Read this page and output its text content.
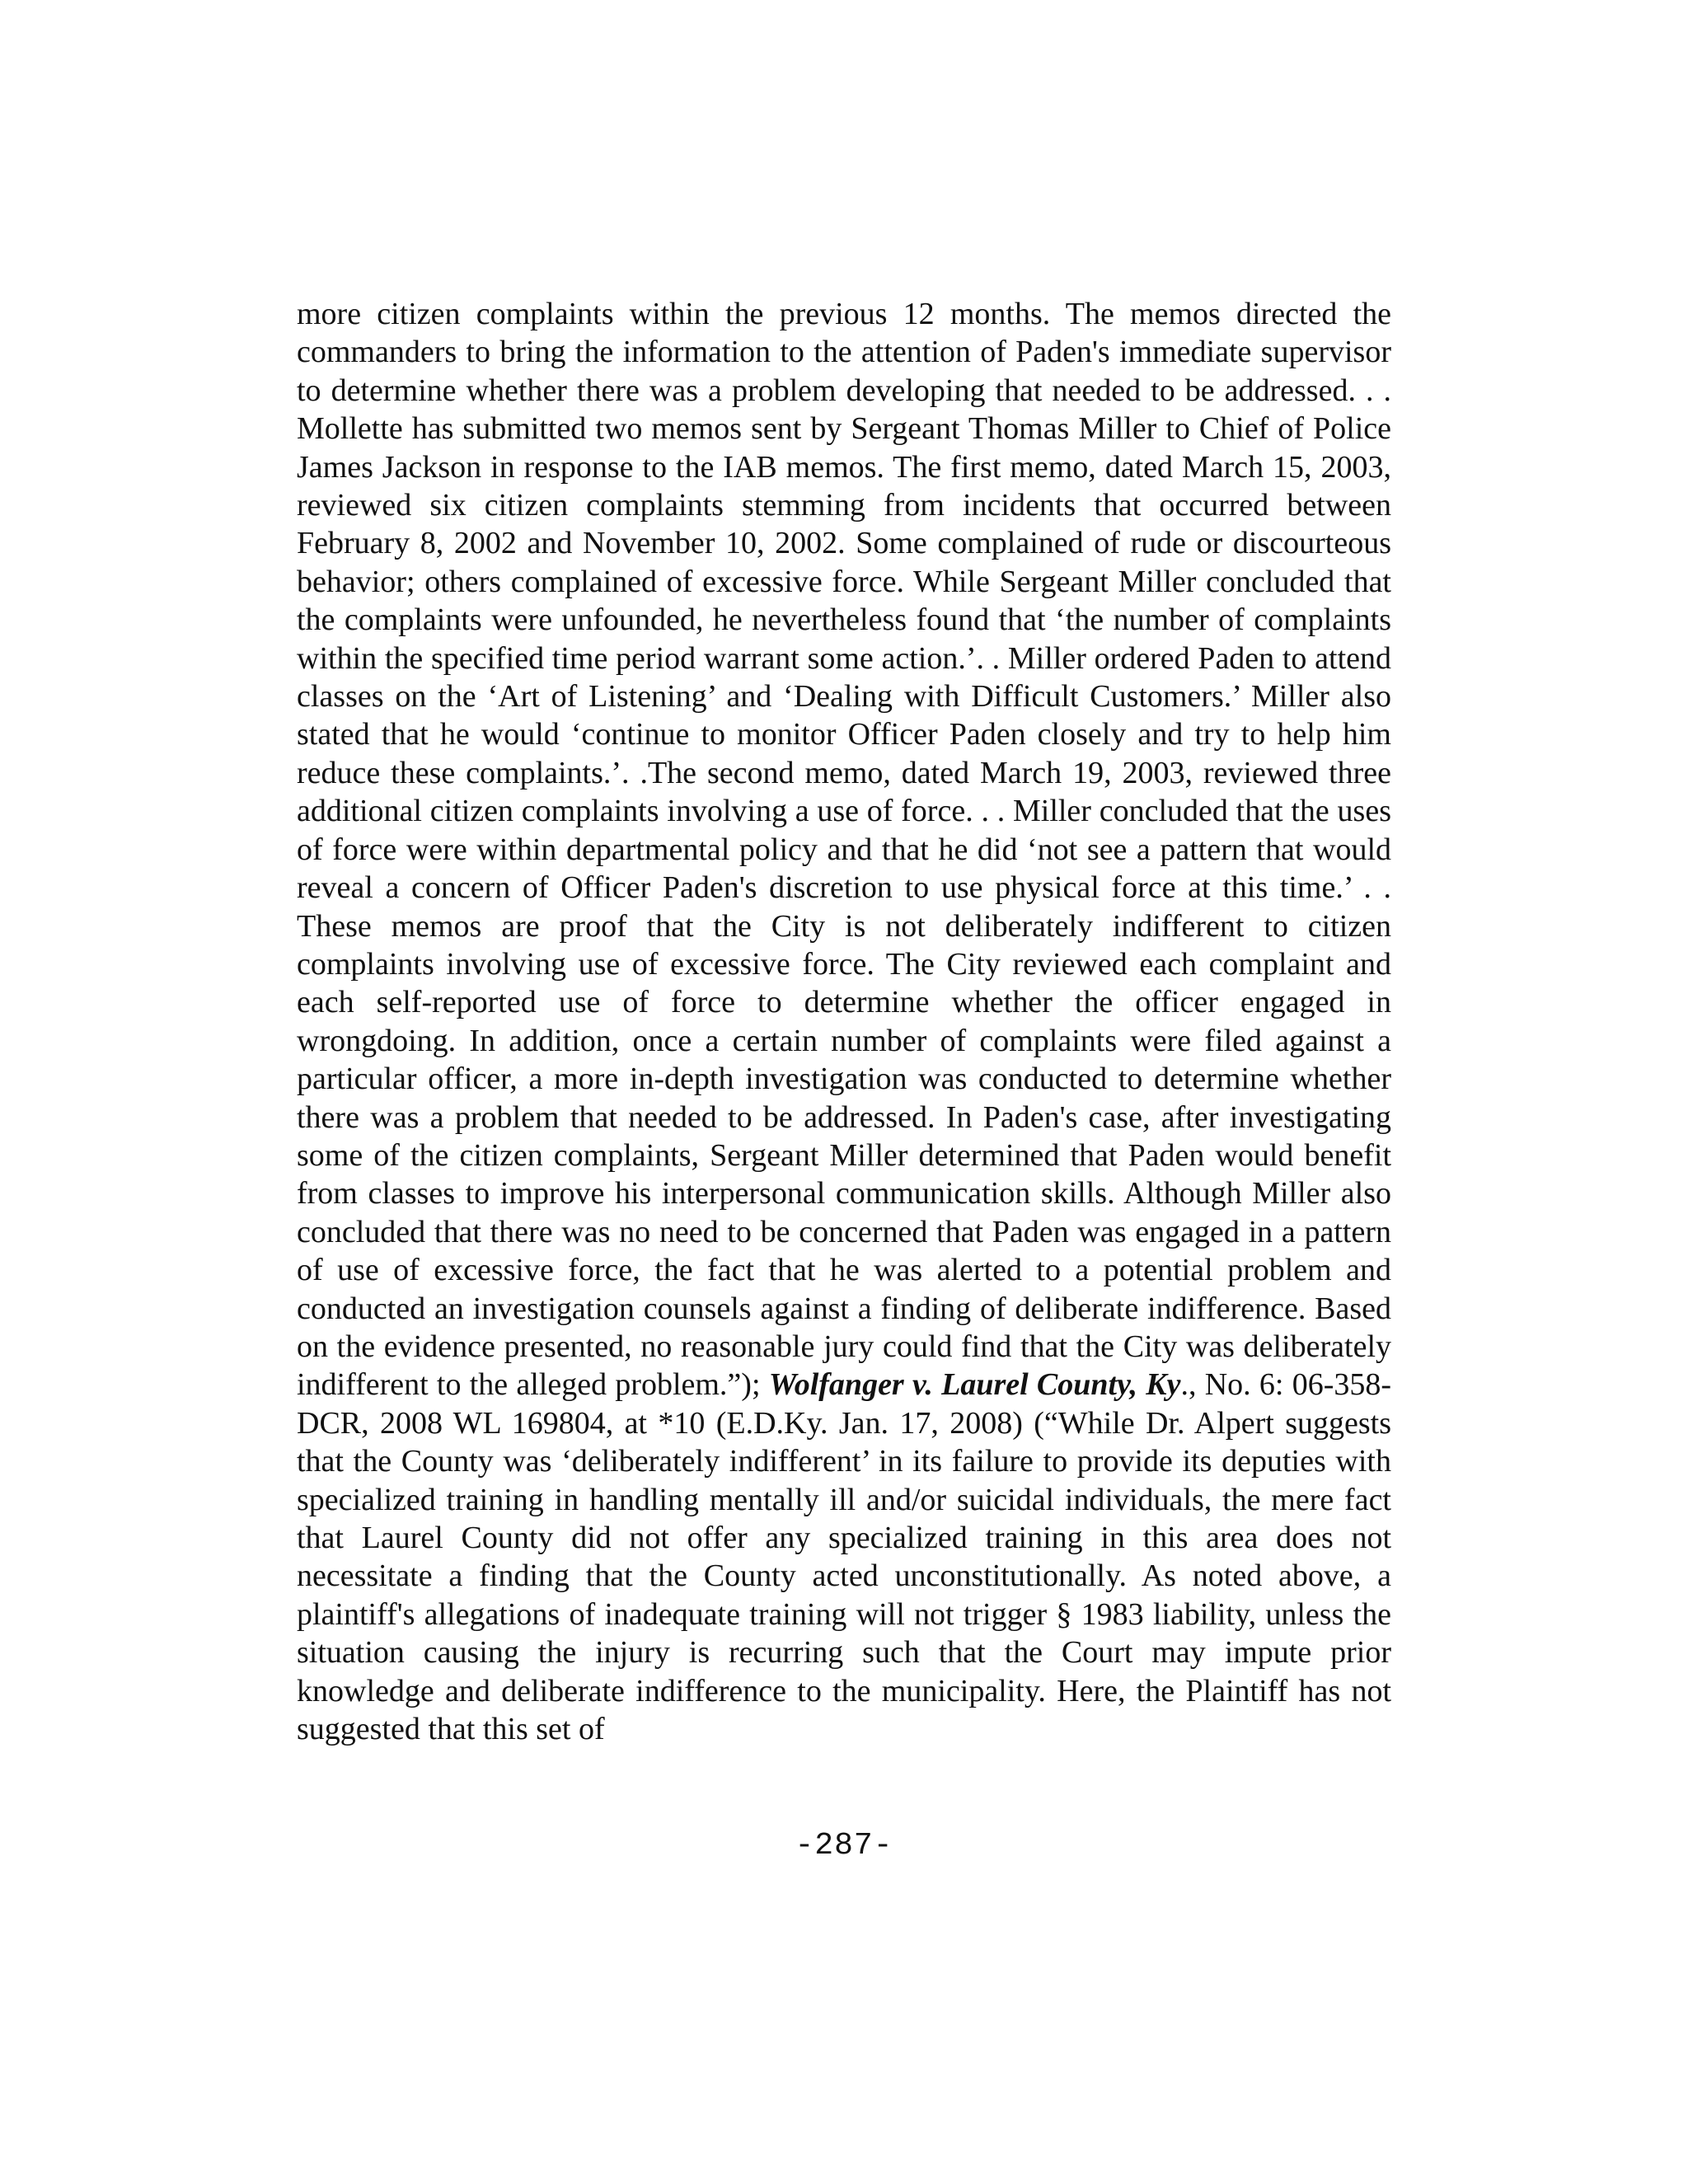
more citizen complaints within the previous 12 months. The memos directed the commanders to bring the information to the attention of Paden's immediate supervisor to determine whether there was a problem developing that needed to be addressed. . . Mollette has submitted two memos sent by Sergeant Thomas Miller to Chief of Police James Jackson in response to the IAB memos. The first memo, dated March 15, 2003, reviewed six citizen complaints stemming from incidents that occurred between February 8, 2002 and November 10, 2002. Some complained of rude or discourteous behavior; others complained of excessive force. While Sergeant Miller concluded that the complaints were unfounded, he nevertheless found that ‘the number of complaints within the specified time period warrant some action.’. . Miller ordered Paden to attend classes on the ‘Art of Listening’ and ‘Dealing with Difficult Customers.’ Miller also stated that he would ‘continue to monitor Officer Paden closely and try to help him reduce these complaints.’. .The second memo, dated March 19, 2003, reviewed three additional citizen complaints involving a use of force. . . Miller concluded that the uses of force were within departmental policy and that he did ‘not see a pattern that would reveal a concern of Officer Paden's discretion to use physical force at this time.’ . . These memos are proof that the City is not deliberately indifferent to citizen complaints involving use of excessive force. The City reviewed each complaint and each self-reported use of force to determine whether the officer engaged in wrongdoing. In addition, once a certain number of complaints were filed against a particular officer, a more in-depth investigation was conducted to determine whether there was a problem that needed to be addressed. In Paden's case, after investigating some of the citizen complaints, Sergeant Miller determined that Paden would benefit from classes to improve his interpersonal communication skills. Although Miller also concluded that there was no need to be concerned that Paden was engaged in a pattern of use of excessive force, the fact that he was alerted to a potential problem and conducted an investigation counsels against a finding of deliberate indifference. Based on the evidence presented, no reasonable jury could find that the City was deliberately indifferent to the alleged problem.”); Wolfanger v. Laurel County, Ky., No. 6: 06-358-DCR, 2008 WL 169804, at *10 (E.D.Ky. Jan. 17, 2008) (“While Dr. Alpert suggests that the County was ‘deliberately indifferent’ in its failure to provide its deputies with specialized training in handling mentally ill and/or suicidal individuals, the mere fact that Laurel County did not offer any specialized training in this area does not necessitate a finding that the County acted unconstitutionally. As noted above, a plaintiff's allegations of inadequate training will not trigger § 1983 liability, unless the situation causing the injury is recurring such that the Court may impute prior knowledge and deliberate indifference to the municipality. Here, the Plaintiff has not suggested that this set of

-287-
